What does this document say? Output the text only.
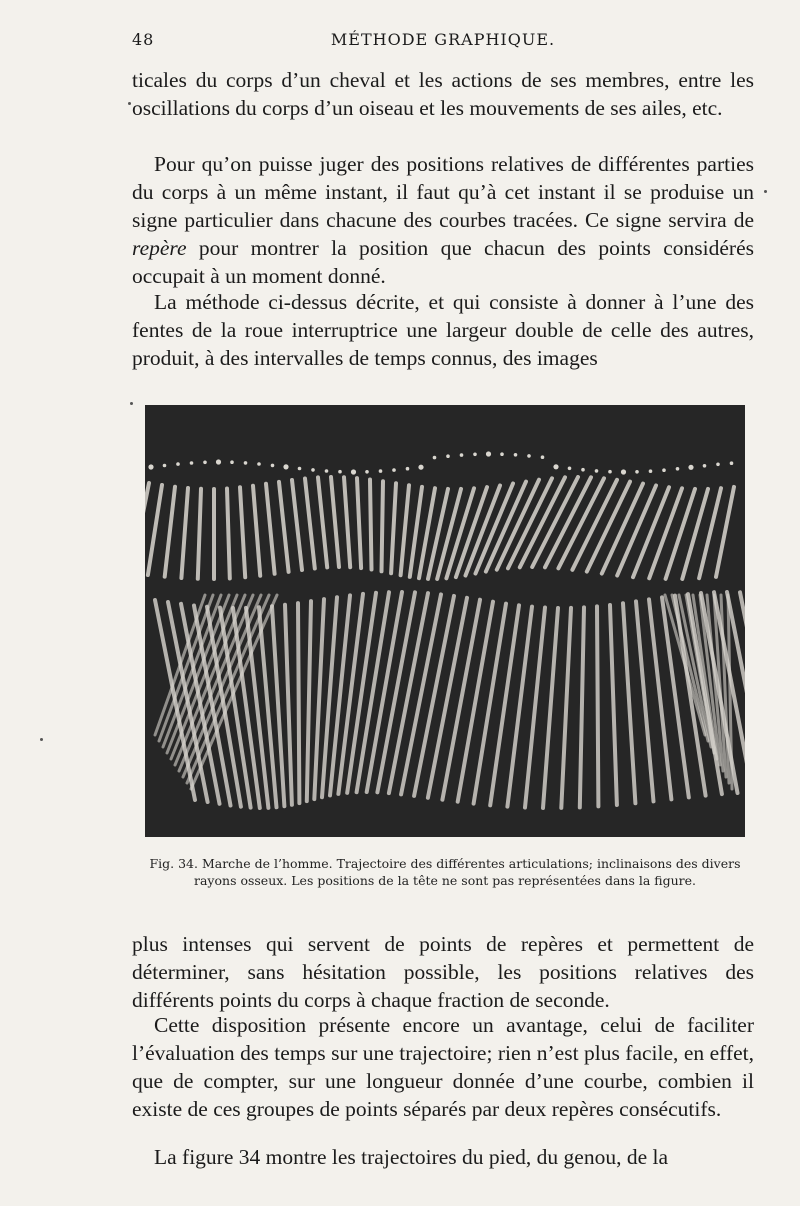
48	MÉTHODE GRAPHIQUE.

ticales du corps d’un cheval et les actions de ses membres, entre les oscillations du corps d’un oiseau et les mouvements de ses ailes, etc.

Pour qu’on puisse juger des positions relatives de différentes parties du corps à un même instant, il faut qu’à cet instant il se produise un signe particulier dans chacune des courbes tracées. Ce signe servira de repère pour montrer la position que chacun des points considérés occupait à un moment donné.

La méthode ci-dessus décrite, et qui consiste à donner à l’une des fentes de la roue interruptrice une largeur double de celle des autres, produit, à des intervalles de temps connus, des images

Fig. 34. Marche de l’homme. Trajectoire des différentes articulations; inclinaisons des divers rayons osseux. Les positions de la tête ne sont pas représentées dans la figure.

plus intenses qui servent de points de repères et permettent de déterminer, sans hésitation possible, les positions relatives des différents points du corps à chaque fraction de seconde.

Cette disposition présente encore un avantage, celui de faciliter l’évaluation des temps sur une trajectoire; rien n’est plus facile, en effet, que de compter, sur une longueur donnée d’une courbe, combien il existe de ces groupes de points séparés par deux repères consécutifs.

La figure 34 montre les trajectoires du pied, du genou, de la
